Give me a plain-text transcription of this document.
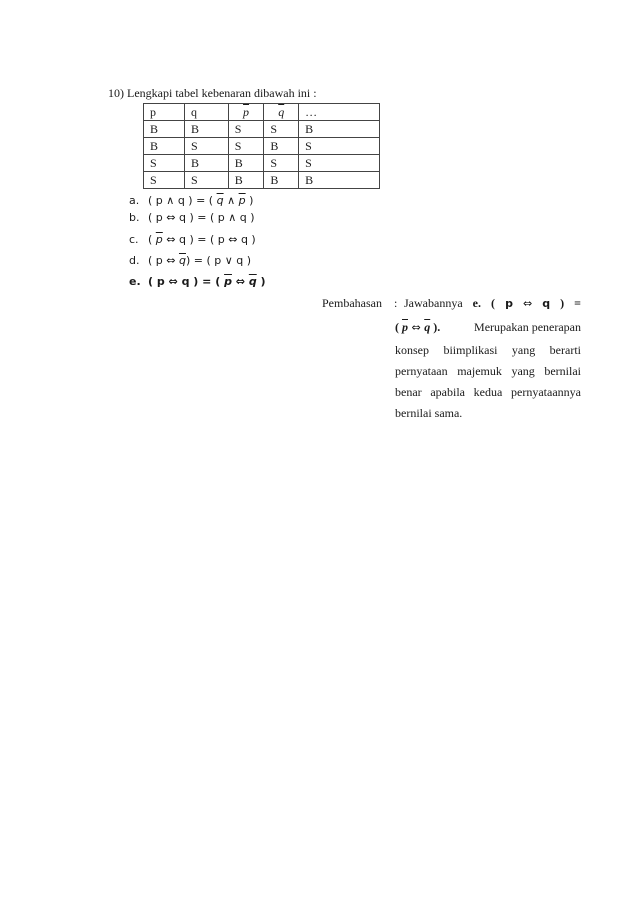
10) Lengkapi tabel kebenaran dibawah ini :
p	q	$\overline{p}$	$\overline{q}$	…
B	B	S	S	B
B	S	S	B	S
S	B	B	S	S
S	S	B	B	B
a. ( p ∧ q ) = ( $\overline{q}$ ∧ $\overline{p}$ )
b. ( p ⇔ q ) = ( p ∧ q )
c. ( $\overline{p}$ ⇔ q ) = ( p ⇔ q )
d. ( p ⇔ $\overline{q}$) = ( p ∨ q )
e. ( p ⇔ q ) = ( $\overline{p}$ ⇔ $\overline{q}$ )
Pembahasan : Jawabannya e. ( p ⇔ q ) =
( $\overline{p}$ ⇔ $\overline{q}$ ).	Merupakan penerapan
konsep biimplikasi yang berarti
pernyataan majemuk yang bernilai
benar apabila kedua pernyataannya
bernilai sama.
